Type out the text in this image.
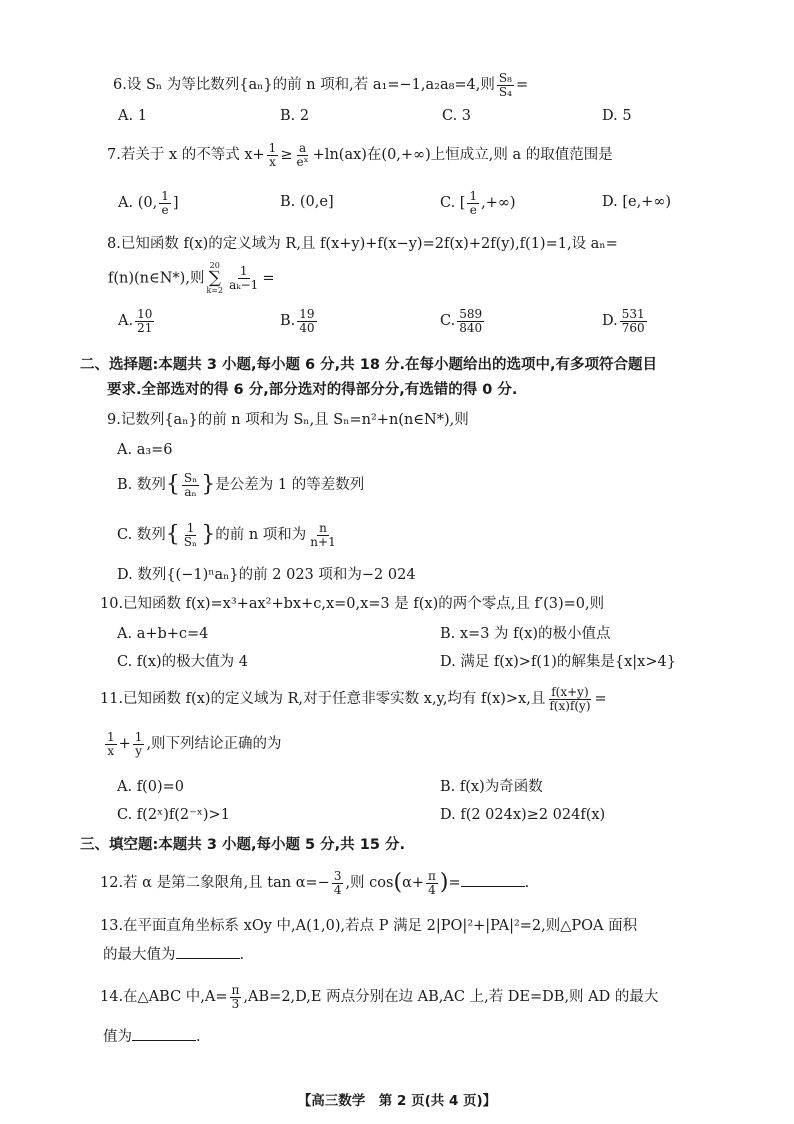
6.设 Sₙ 为等比数列{aₙ}的前 n 项和,若 a₁=−1,a₂a₈=4,则 $\frac{\text{S₈}}{\text{S₄}}$ =
A. 1	B. 2	C. 3	D. 5
7.若关于 x 的不等式 $x+ \frac{1}{x} \ge \frac{a}{\text{eˣ}} +\ln(ax)$在(0,+∞)上恒成立,则 a 的取值范围是
A. (0, $\frac{1}{e}$ ]	B. (0,e]	C. [ $\frac{1}{e}$ ,+∞)	D. [e,+∞)
8.已知函数 f(x)的定义域为 R,且 f(x+y)+f(x−y)=2f(x)+2f(y),f(1)=1,设 aₙ=
f(n)(n∈N*),则
20
∑
$k=2 \frac{1}{\text{aₖ−1}}$ =
A. $\frac{10}{21}$	B. $\frac{19}{40}$	C. $\frac{589}{840}$	D. $\frac{531}{760}$
二、选择题:本题共 3 小题,每小题 6 分,共 18 分.在每小题给出的选项中,有多项符合题目
要求.全部选对的得 6 分,部分选对的得部分分,有选错的得 0 分.
9.记数列{aₙ}的前 n 项和为 Sₙ,且 Sₙ=n²+n(n∈N*),则
A. a₃=6
B. 数列{ $\frac{\text{Sₙ}}{\text{aₙ}}$ }是公差为 1 的等差数列
C. 数列{ $\frac{1}{\text{Sₙ}}$ }的前 n 项和为 $\frac{n}{n+1}$
D. 数列{(−1)ⁿaₙ}的前 2 023 项和为−2 024
10.已知函数 f(x)=x³+ax²+bx+c,x=0,x=3 是 f(x)的两个零点,且 f′(3)=0,则
A. a+b+c=4	B. x=3 为 f(x)的极小值点
C. f(x)的极大值为 4	D. 满足 f(x)>f(1)的解集是{x|x>4}
11.已知函数 f(x)的定义域为 R,对于任意非零实数 x,y,均有 f(x)>x,且 $\frac{f(x+y)}{f(x)f(y)}$ =
$\frac{1}{x} + \frac{1}{y}$ ,则下列结论正确的为
A. f(0)=0	B. f(x)为奇函数
C. f(2ˣ)f(2⁻ˣ)>1	D. f(2 024x)≥2 024f(x)
三、填空题:本题共 3 小题,每小题 5 分,共 15 分.
12.若 α 是第二象限角,且 $\tan \alpha=- \frac{3}{4}$ ,则 $\cos(\alpha+ \frac{\pi}{4}$ )=	.
13.在平面直角坐标系 xOy 中,A(1,0),若点 P 满足 2|PO|²+|PA|²=2,则△POA 面积
的最大值为	.
14.在△ABC 中$,A= \frac{\pi}{3} ,AB=2,D,E$ 两点分别在边 AB,AC 上,若 DE=DB,则 AD 的最大
值为	.
【高三数学　第 2 页(共 4 页)】
